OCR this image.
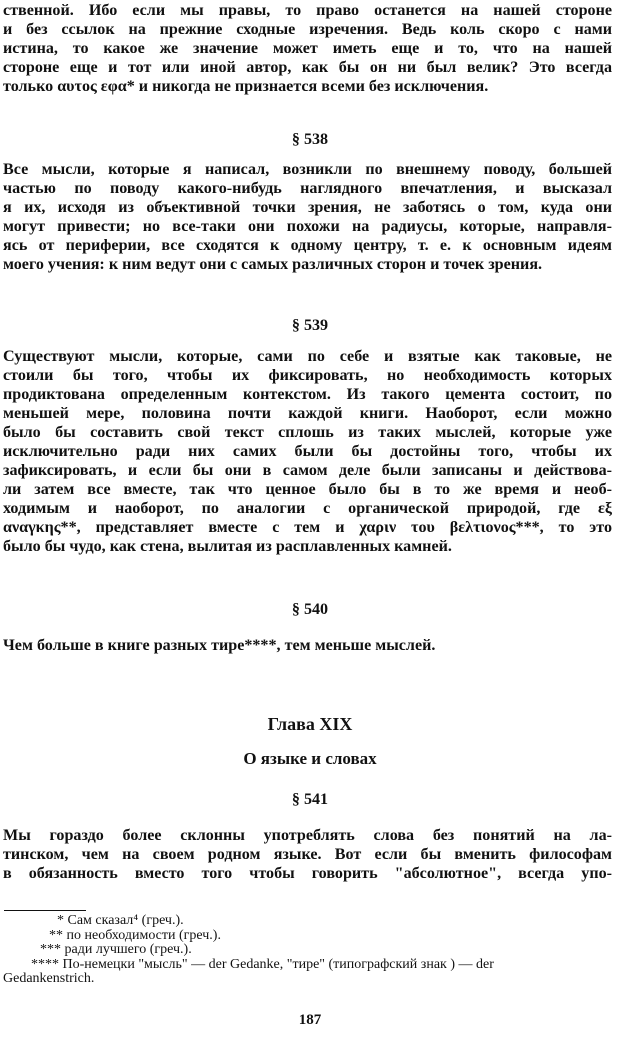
ственной. Ибо если мы правы, то право останется на нашей стороне
и без ссылок на прежние сходные изречения. Ведь коль скоро с нами
истина, то какое же значение может иметь еще и то, что на нашей
стороне еще и тот или иной автор, как бы он ни был велик? Это всегда
только αυτος εφα* и никогда не признается всеми без исключения.
§ 538
Все мысли, которые я написал, возникли по внешнему поводу, большей
частью по поводу какого-нибудь наглядного впечатления, и высказал
я их, исходя из объективной точки зрения, не заботясь о том, куда они
могут привести; но все-таки они похожи на радиусы, которые, направля-
ясь от периферии, все сходятся к одному центру, т. е. к основным идеям
моего учения: к ним ведут они с самых различных сторон и точек зрения.
§ 539
Существуют мысли, которые, сами по себе и взятые как таковые, не
стоили бы того, чтобы их фиксировать, но необходимость которых
продиктована определенным контекстом. Из такого цемента состоит, по
меньшей мере, половина почти каждой книги. Наоборот, если можно
было бы составить свой текст сплошь из таких мыслей, которые уже
исключительно ради них самих были бы достойны того, чтобы их
зафиксировать, и если бы они в самом деле были записаны и действова-
ли затем все вместе, так что ценное было бы в то же время и необ-
ходимым и наоборот, по аналогии с органической природой, где εξ
αναγκης**, представляет вместе с тем и χαριν του βελτιονος***, то это
было бы чудо, как стена, вылитая из расплавленных камней.
§ 540
Чем больше в книге разных тире****, тем меньше мыслей.
Глава XIX
О языке и словах
§ 541
Мы гораздо более склонны употреблять слова без понятий на ла-
тинском, чем на своем родном языке. Вот если бы вменить философам
в обязанность вместо того чтобы говорить "абсолютное", всегда упо-
* Сам сказал⁴ (греч.).
** по необходимости (греч.).
*** ради лучшего (греч.).
**** По-немецки "мысль" — der Gedanke, "тире" (типографский знак ) — der
Gedankenstrich.
187
